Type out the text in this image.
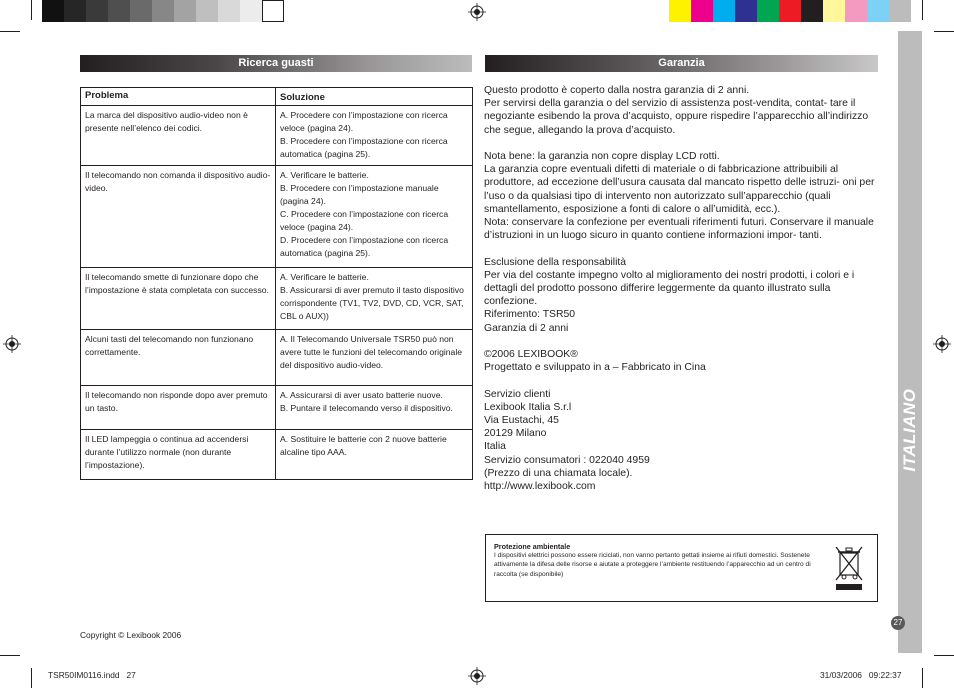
Ricerca guasti
Problema	Soluzione
La marca del dispositivo audio-video non è presente nell’elenco dei codici.	A. Procedere con l’impostazione con ricerca veloce (pagina 24).
B. Procedere con l’impostazione con ricerca automatica (pagina 25).

Il telecomando non comanda il dispositivo audio-video.	A. Verificare le batterie.
B. Procedere con l’impostazione manuale (pagina 24).
C. Procedere con l’impostazione con ricerca veloce (pagina 24).
D. Procedere con l’impostazione con ricerca automatica (pagina 25).

Il telecomando smette di funzionare dopo che l’impostazione è stata completata con successo.	A. Verificare le batterie.
B. Assicurarsi di aver premuto il tasto dispositivo corrispondente (TV1, TV2, DVD, CD, VCR, SAT, CBL o AUX))

Alcuni tasti del telecomando non funzionano correttamente.	A. Il Telecomando Universale TSR50 può non avere tutte le funzioni del telecomando originale del dispositivo audio-video.

Il telecomando non risponde dopo aver premuto un tasto.	A. Assicurarsi di aver usato batterie nuove.
B. Puntare il telecomando verso il dispositivo.

Il LED lampeggia o continua ad accendersi durante l’utilizzo normale (non durante l’impostazione).	A. Sostituire le batterie con 2 nuove batterie alcaline tipo AAA.
Garanzia

Questo prodotto è coperto dalla nostra garanzia di 2 anni.

Per servirsi della garanzia o del servizio di assistenza post-vendita, contat- tare il negoziante esibendo la prova d’acquisto, oppure rispedire l’apparecchio all’indirizzo che segue, allegando la prova d’acquisto.

Nota bene: la garanzia non copre display LCD rotti.

La garanzia copre eventuali difetti di materiale o di fabbricazione attribuibili al produttore, ad eccezione dell’usura causata dal mancato rispetto delle istruzi- oni per l’uso o da qualsiasi tipo di intervento non autorizzato sull’apparecchio (quali smantellamento, esposizione a fonti di calore o all’umidità, ecc.).

Nota: conservare la confezione per eventuali riferimenti futuri. Conservare il manuale d’istruzioni in un luogo sicuro in quanto contiene informazioni impor- tanti.

Esclusione della responsabilità

Per via del costante impegno volto al miglioramento dei nostri prodotti, i colori e i dettagli del prodotto possono differire leggermente da quanto illustrato sulla confezione.

Riferimento: TSR50

Garanzia di 2 anni

©2006 LEXIBOOK®

Progettato e sviluppato in a – Fabbricato in Cina

Servizio clienti

Lexibook Italia S.r.l

Via Eustachi, 45

20129 Milano

Italia

Servizio consumatori : 022040 4959

(Prezzo di una chiamata locale).

http://www.lexibook.com

Protezione ambientale
I dispositivi elettrici possono essere riciclati, non vanno pertanto gettati insieme ai rifiuti domestici. Sostenete attivamente la difesa delle risorse e aiutate a proteggere l’ambiente restituendo l’apparecchio ad un centro di raccolta (se disponibile)
ITALIANO
27
Copyright © Lexibook 2006
TSR50IM0116.indd   27	31/03/2006   09:22:37
